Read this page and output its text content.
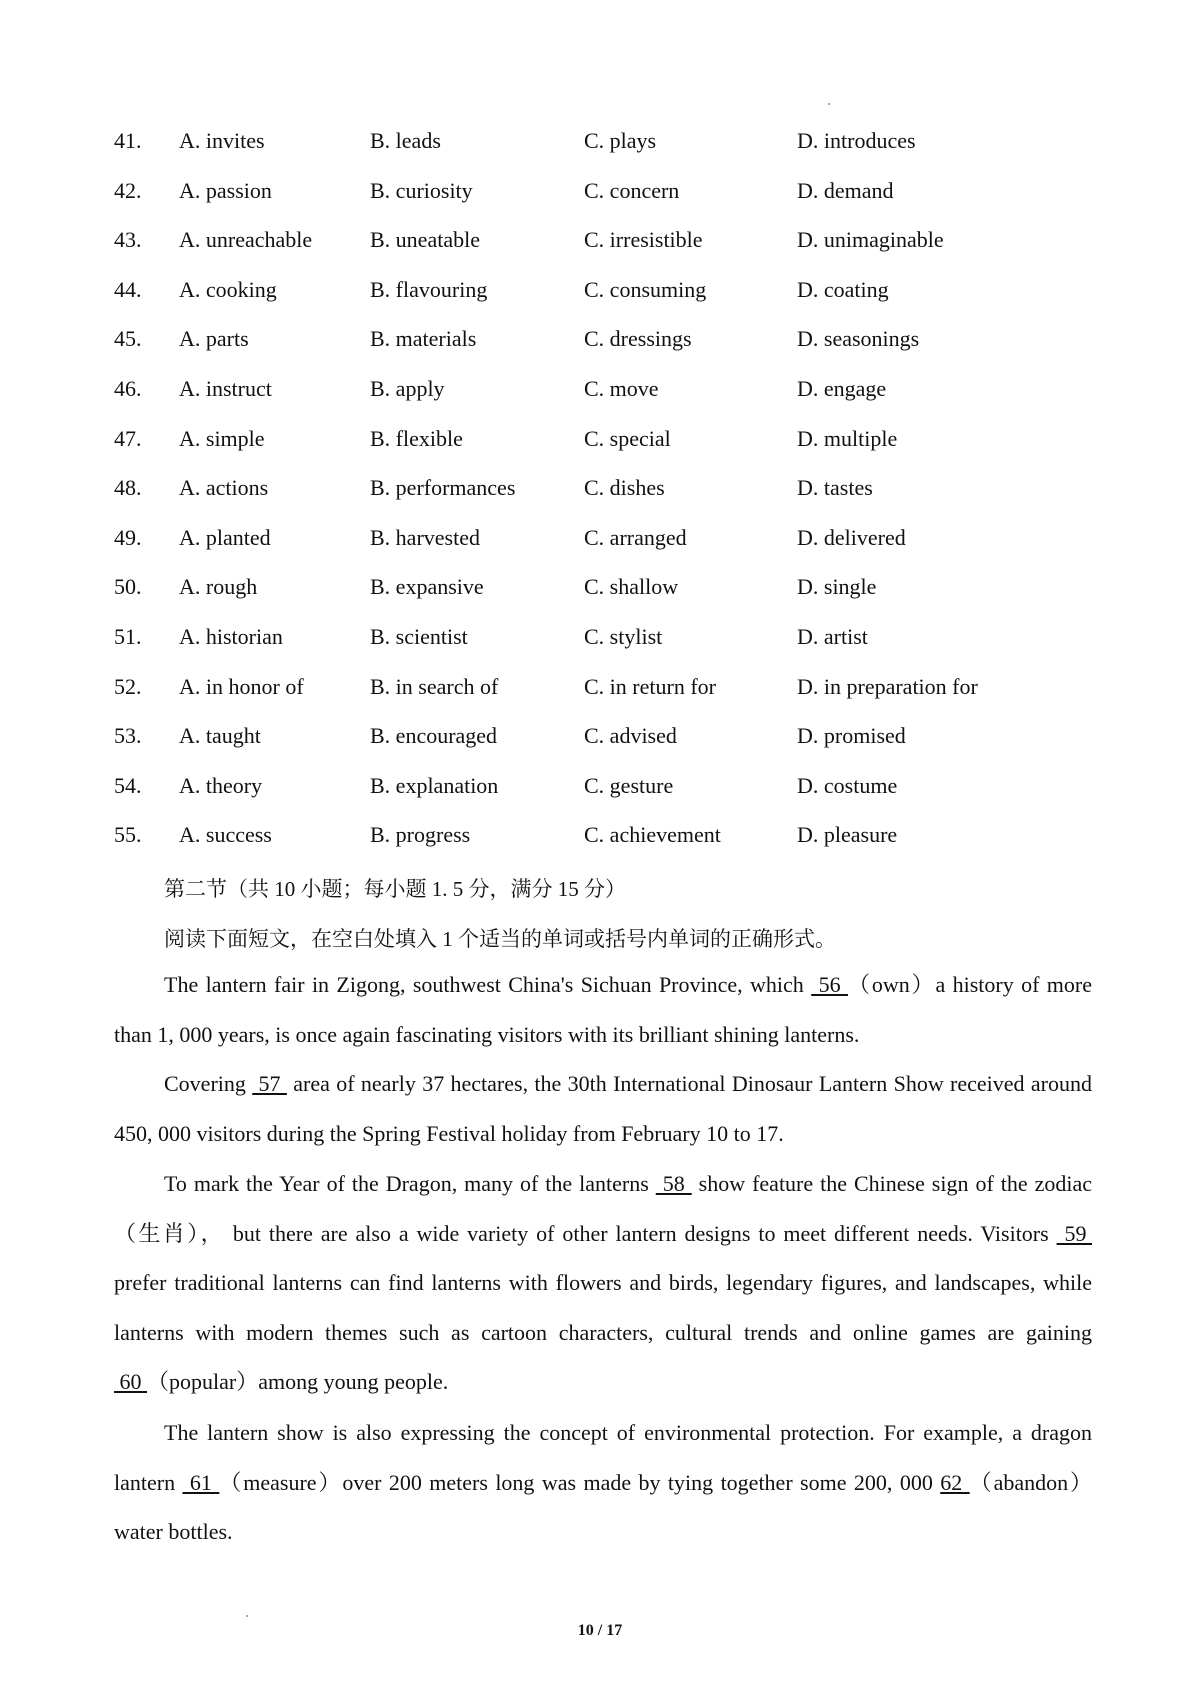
41. A. invites	B. leads	C. plays	D. introduces
42. A. passion	B. curiosity	C. concern	D. demand
43. A. unreachable	B. uneatable	C. irresistible	D. unimaginable
44. A. cooking	B. flavouring	C. consuming	D. coating
45. A. parts	B. materials	C. dressings	D. seasonings
46. A. instruct	B. apply	C. move	D. engage
47. A. simple	B. flexible	C. special	D. multiple
48. A. actions	B. performances	C. dishes	D. tastes
49. A. planted	B. harvested	C. arranged	D. delivered
50. A. rough	B. expansive	C. shallow	D. single
51. A. historian	B. scientist	C. stylist	D. artist
52. A. in honor of	B. in search of	C. in return for	D. in preparation for
53. A. taught	B. encouraged	C. advised	D. promised
54. A. theory	B. explanation	C. gesture	D. costume
55. A. success	B. progress	C. achievement	D. pleasure
第二节（共 10 小题；每小题 1. 5 分，满分 15 分）
阅读下面短文，在空白处填入 1 个适当的单词或括号内单词的正确形式。
The lantern fair in Zigong, southwest China's Sichuan Province, which  56 （own）a history of more than 1, 000 years, is once again fascinating visitors with its brilliant shining lanterns.
Covering  57  area of nearly 37 hectares, the 30th International Dinosaur Lantern Show received around 450, 000 visitors during the Spring Festival holiday from February 10 to 17.
To mark the Year of the Dragon, many of the lanterns  58  show feature the Chinese sign of the zodiac（生肖）， but there are also a wide variety of other lantern designs to meet different needs. Visitors  59  prefer traditional lanterns can find lanterns with flowers and birds, legendary figures, and landscapes, while lanterns with modern themes such as cartoon characters, cultural trends and online games are gaining  60 （popular）among young people.
The lantern show is also expressing the concept of environmental protection. For example, a dragon lantern  61 （measure）over 200 meters long was made by tying together some 200, 000 62 （abandon）water bottles.
10 / 17
